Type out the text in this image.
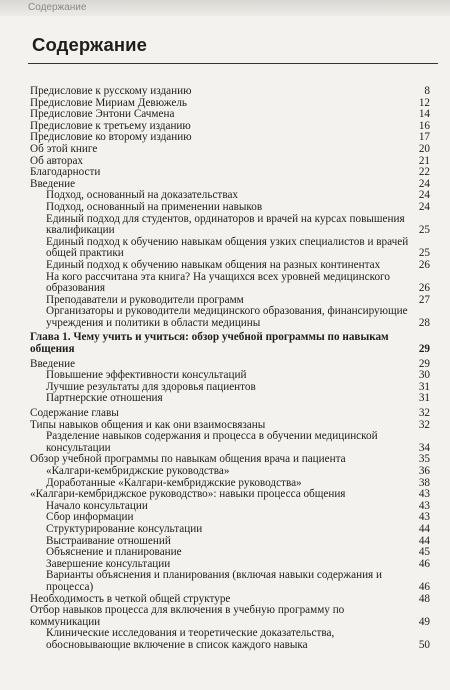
Содержание
Содержание
Предисловие к русскому изданию	8
Предисловие Мириам Девюжель	12
Предисловие Энтони Сачмена	14
Предисловие к третьему изданию	16
Предисловие ко второму изданию	17
Об этой книге	20
Об авторах	21
Благодарности	22
Введение	24
Подход, основанный на доказательствах	24
Подход, основанный на применении навыков	24
Единый подход для студентов, ординаторов и врачей на курсах повышения квалификации	25
Единый подход к обучению навыкам общения узких специалистов и врачей общей практики	25
Единый подход к обучению навыкам общения на разных континентах	26
На кого рассчитана эта книга? На учащихся всех уровней медицинского образования	26
Преподаватели и руководители программ	27
Организаторы и руководители медицинского образования, финансирующие учреждения и политики в области медицины	28
Глава 1. Чему учить и учиться: обзор учебной программы по навыкам общения	29
Введение	29
Повышение эффективности консультаций	30
Лучшие результаты для здоровья пациентов	31
Партнерские отношения	31
Содержание главы	32
Типы навыков общения и как они взаимосвязаны	32
Разделение навыков содержания и процесса в обучении медицинской консультации	34
Обзор учебной программы по навыкам общения врача и пациента	35
«Калгари-кембриджские руководства»	36
Доработанные «Калгари-кембриджские руководства»	38
«Калгари-кембриджское руководство»: навыки процесса общения	43
Начало консультации	43
Сбор информации	43
Структурирование консультации	44
Выстраивание отношений	44
Объяснение и планирование	45
Завершение консультации	46
Варианты объяснения и планирования (включая навыки содержания и процесса)	46
Необходимость в четкой общей структуре	48
Отбор навыков процесса для включения в учебную программу по коммуникации	49
Клинические исследования и теоретические доказательства, обосновывающие включение в список каждого навыка	50
